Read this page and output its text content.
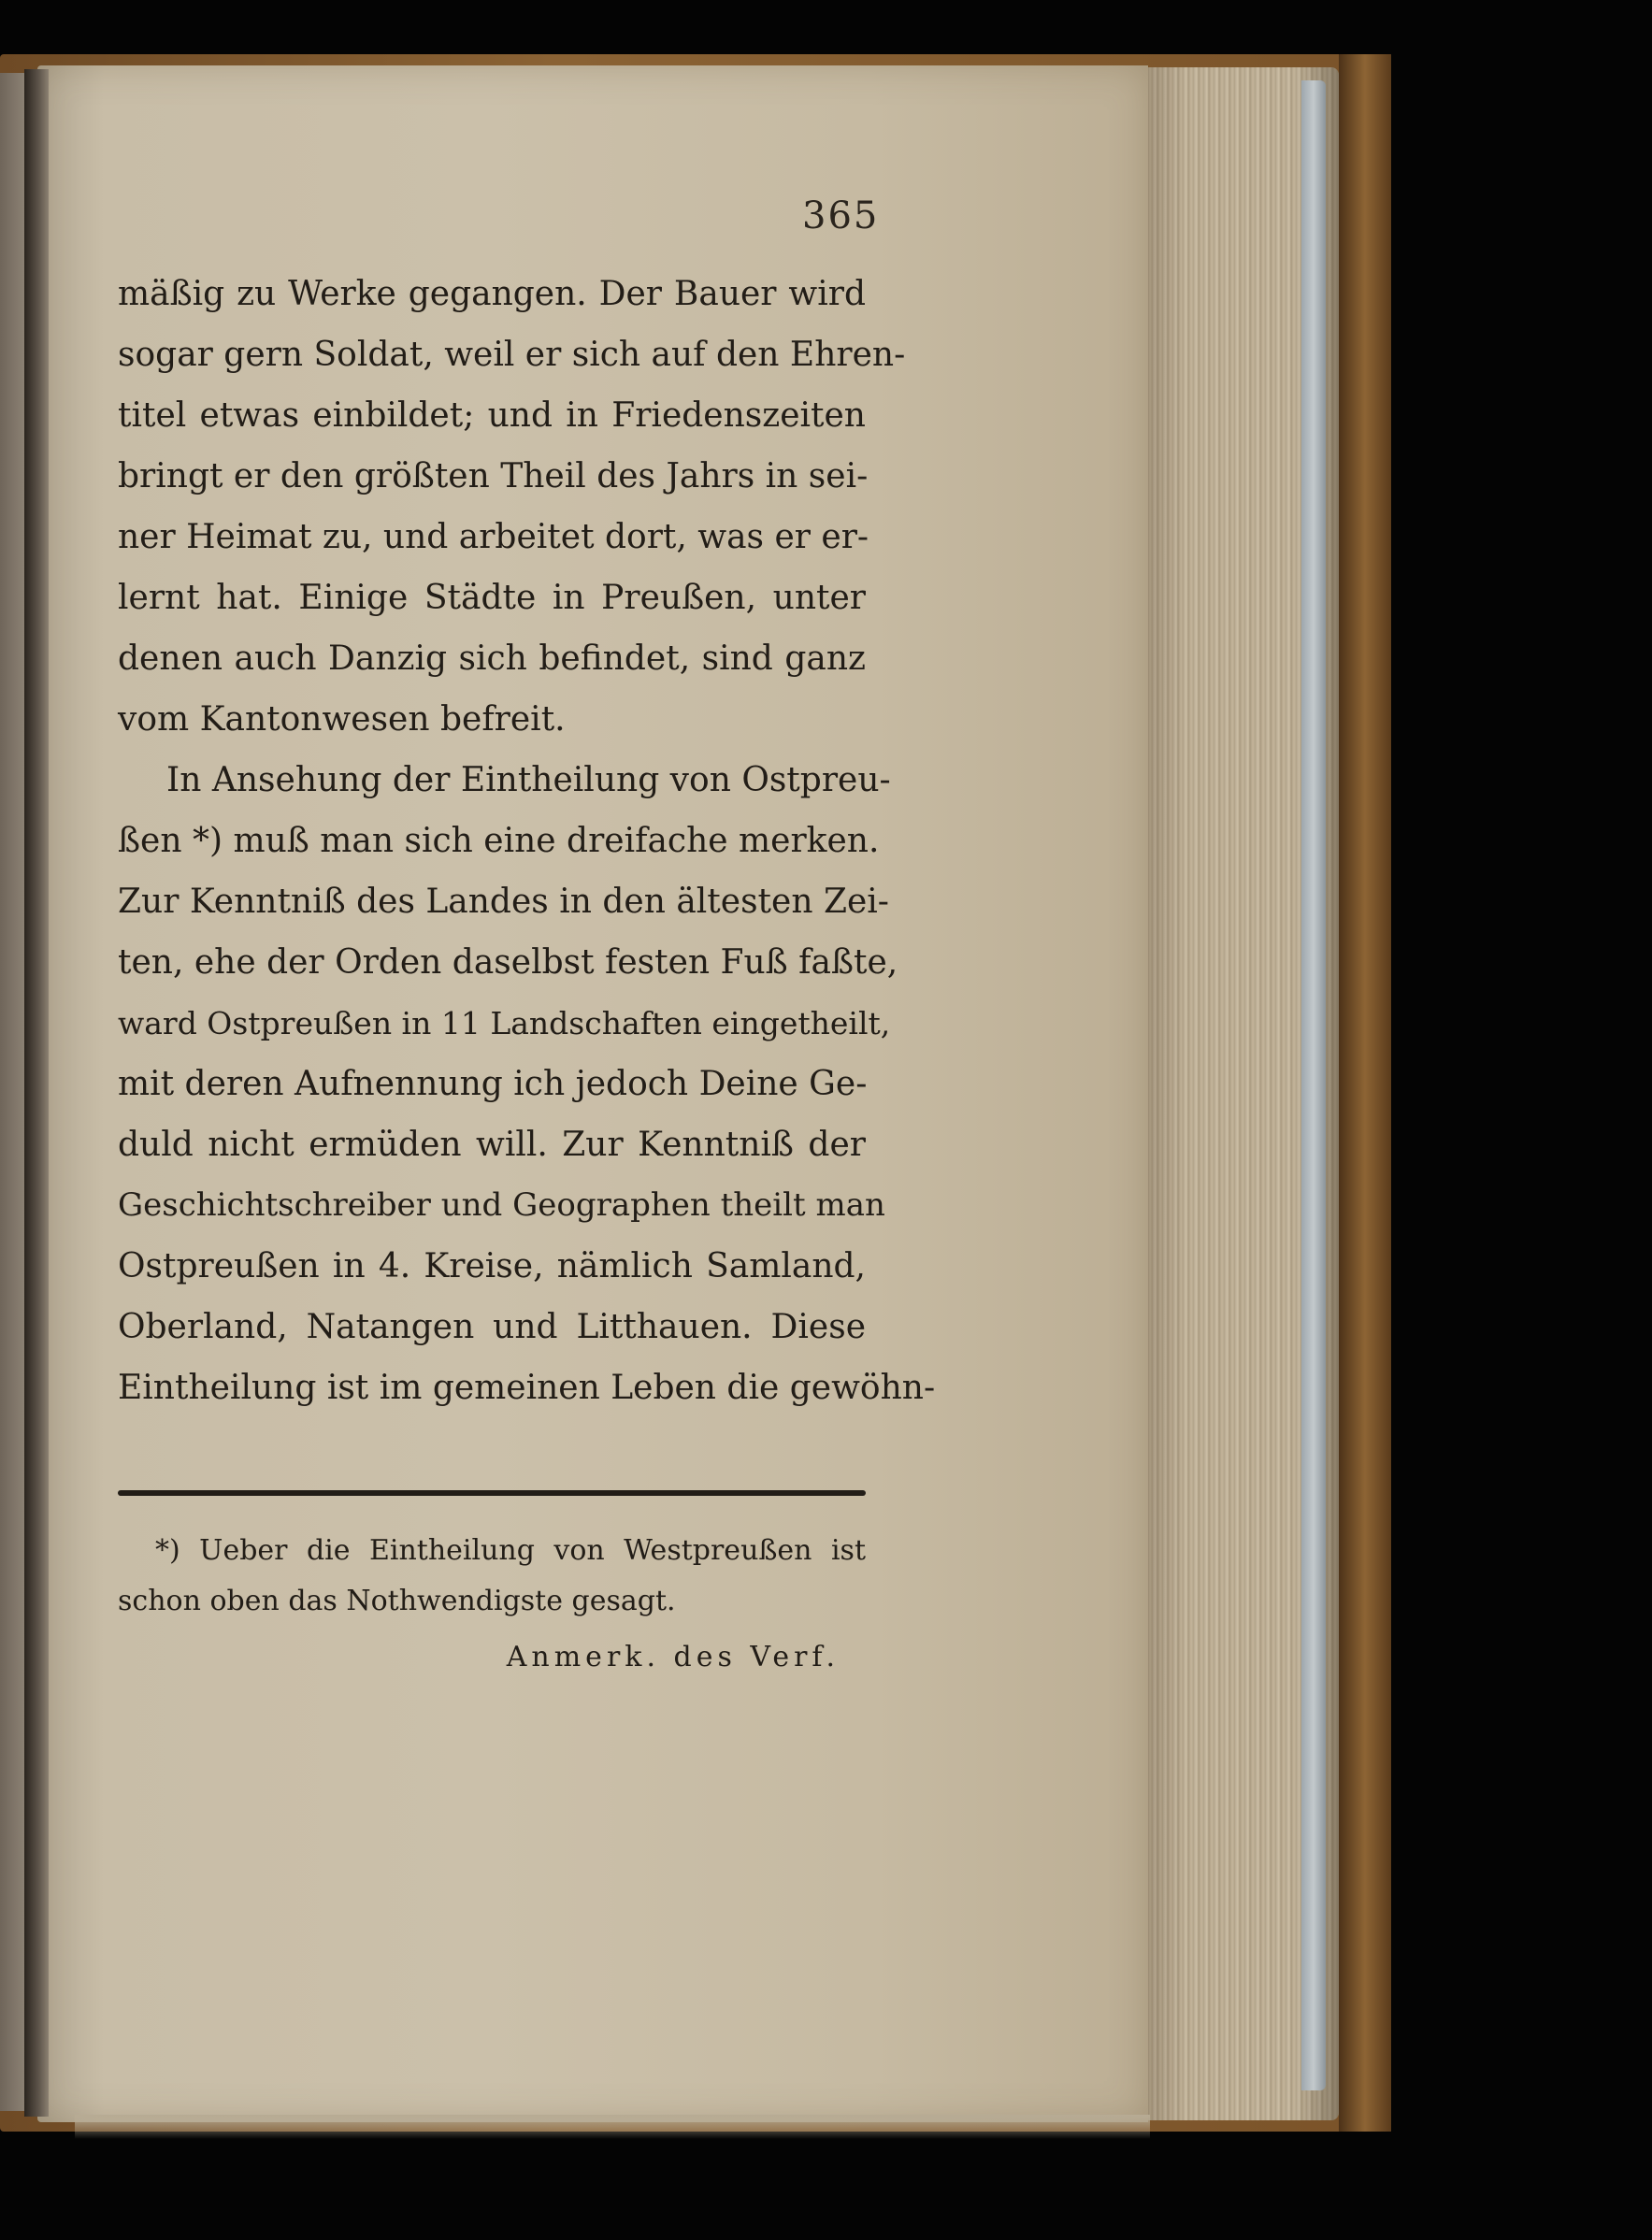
365
mäßig zu Werke gegangen. Der Bauer wird
sogar gern Soldat, weil er sich auf den Ehren-
titel etwas einbildet; und in Friedenszeiten
bringt er den größten Theil des Jahrs in sei-
ner Heimat zu, und arbeitet dort, was er er-
lernt hat. Einige Städte in Preußen, unter
denen auch Danzig sich befindet, sind ganz
vom Kantonwesen befreit.
In Ansehung der Eintheilung von Ostpreu-
ßen *) muß man sich eine dreifache merken.
Zur Kenntniß des Landes in den ältesten Zei-
ten, ehe der Orden daselbst festen Fuß faßte,
ward Ostpreußen in 11 Landschaften eingetheilt,
mit deren Aufnennung ich jedoch Deine Ge-
duld nicht ermüden will. Zur Kenntniß der
Geschichtschreiber und Geographen theilt man
Ostpreußen in 4. Kreise, nämlich Samland,
Oberland, Natangen und Litthauen. Diese
Eintheilung ist im gemeinen Leben die gewöhn-
*) Ueber die Eintheilung von Westpreußen ist
schon oben das Nothwendigste gesagt.
Anmerk. des Verf.
